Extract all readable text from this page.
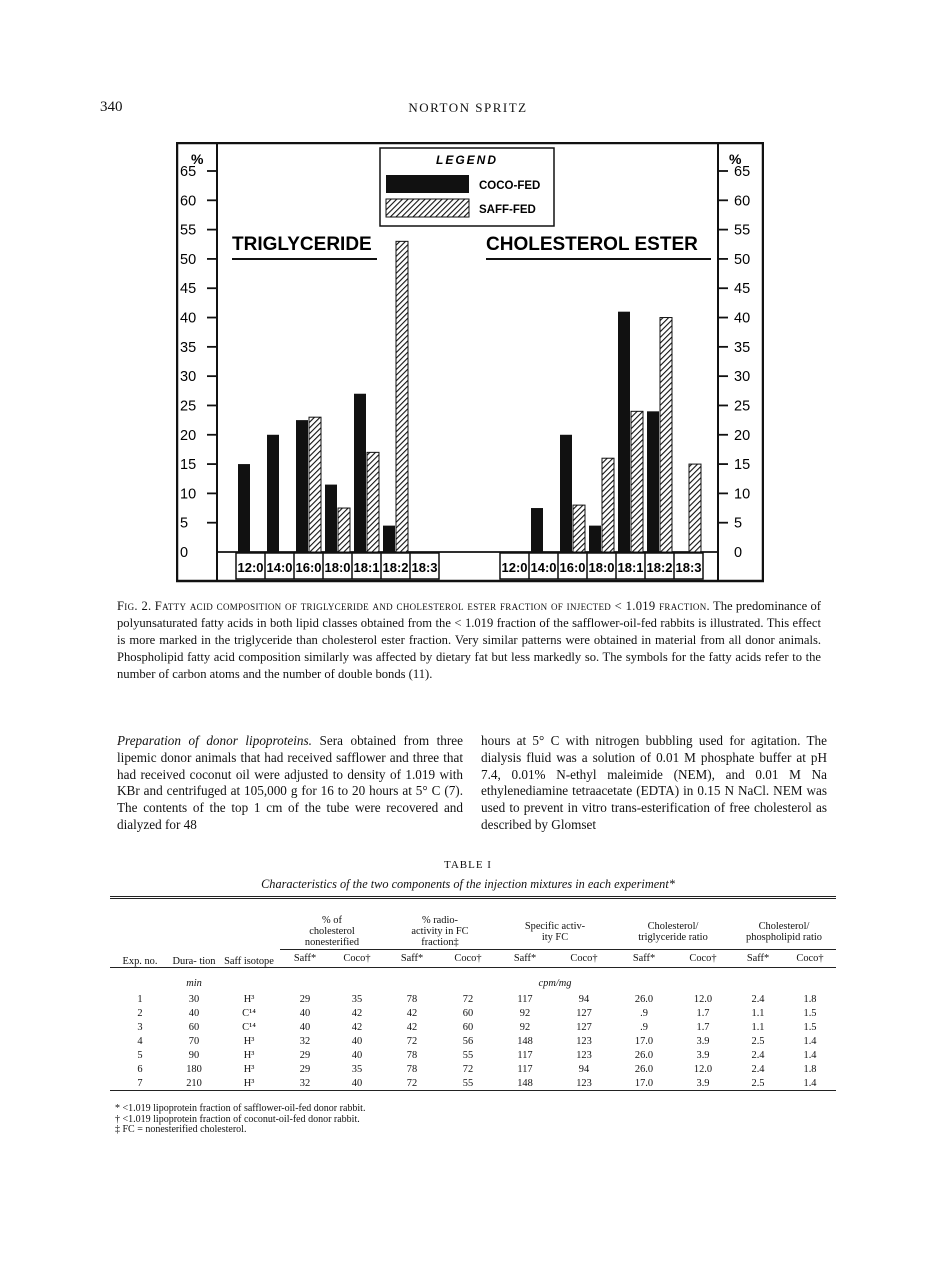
340	NORTON SPRITZ
0	0
5	5
10	10
15	15
20	20
25	25
30	30
35	35
40	40
45	45
50	50
55	55
60	60
65	65
12:0 14:0 16:0 18:0 18:1 18:2 18:3	12:0 14:0 16:0 18:0 18:1 18:2 18:3
%	%
LEGEND
COCO-FED
SAFF-FED
TRIGLYCERIDE	CHOLESTEROL ESTER
Fig. 2. Fatty acid composition of triglyceride and cholesterol ester fraction of injected < 1.019 fraction. The predominance of polyunsaturated fatty acids in both lipid classes obtained from the < 1.019 fraction of the safflower-oil-fed rabbits is illustrated. This effect is more marked in the triglyceride than cholesterol ester fraction. Very similar patterns were obtained in material from all donor animals. Phospholipid fatty acid composition similarly was affected by dietary fat but less markedly so. The symbols for the fatty acids refer to the number of carbon atoms and the number of double bonds (11).
Preparation of donor lipoproteins. Sera obtained from three lipemic donor animals that had received safflower and three that had received coconut oil were adjusted to density of 1.019 with KBr and centrifuged at 105,000 g for 16 to 20 hours at 5° C (7). The contents of the top 1 cm of the tube were recovered and dialyzed for 48
hours at 5° C with nitrogen bubbling used for agitation. The dialysis fluid was a solution of 0.01 M phosphate buffer at pH 7.4, 0.01% N-ethyl maleimide (NEM), and 0.01 M Na ethylenediamine tetraacetate (EDTA) in 0.15 N NaCl. NEM was used to prevent in vitro trans-esterification of free cholesterol as described by Glomset
TABLE I
Characteristics of the two components of the injection mixtures in each experiment*
Exp. no.	Dura- tion	Saff isotope	% of cholesterol nonesterified		% radio- activity in FC fraction‡		Specific activ- ity FC		Cholesterol/ triglyceride ratio		Cholesterol/ phospholipid ratio	
			Saff*	Coco†	Saff*	Coco†	Saff*	Coco†	Saff*	Coco†	Saff*	Coco†
	min						cpm/mg					
1	30	H³	29	35	78	72	117	94	26.0	12.0	2.4	1.8
2	40	C¹⁴	40	42	42	60	92	127	.9	1.7	1.1	1.5
3	60	C¹⁴	40	42	42	60	92	127	.9	1.7	1.1	1.5
4	70	H³	32	40	72	56	148	123	17.0	3.9	2.5	1.4
5	90	H³	29	40	78	55	117	123	26.0	3.9	2.4	1.4
6	180	H³	29	35	78	72	117	94	26.0	12.0	2.4	1.8
7	210	H³	32	40	72	55	148	123	17.0	3.9	2.5	1.4

* <1.019 lipoprotein fraction of safflower-oil-fed donor rabbit.
† <1.019 lipoprotein fraction of coconut-oil-fed donor rabbit.
‡ FC = nonesterified cholesterol.
